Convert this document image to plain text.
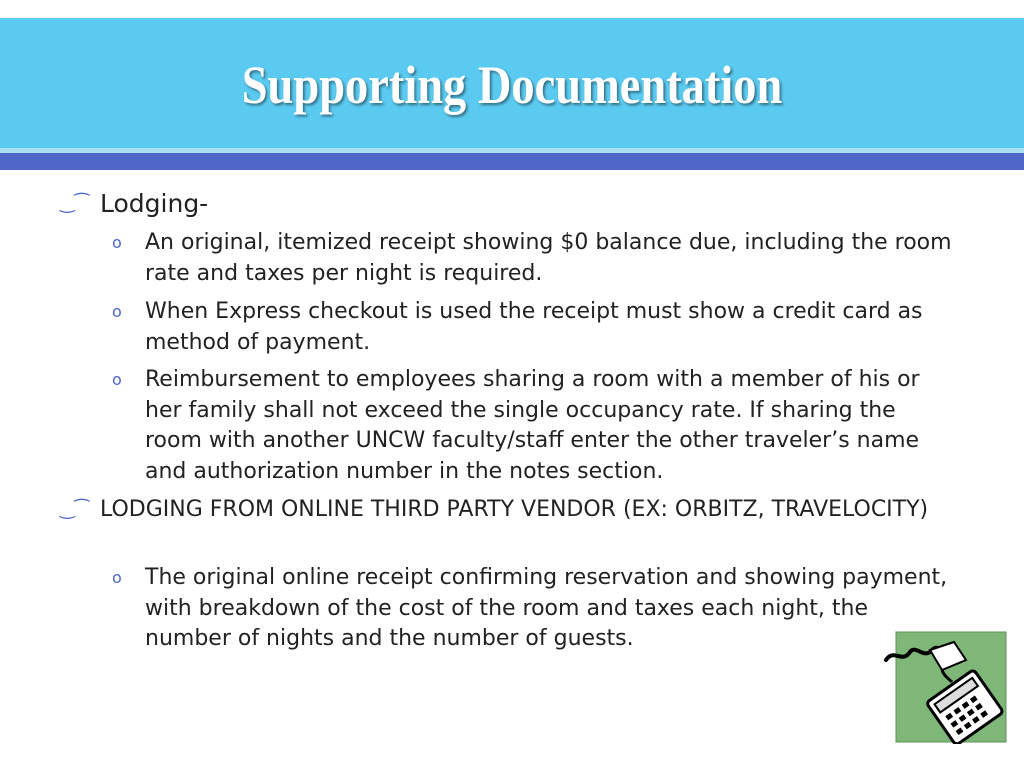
Supporting Documentation
‿⁀ Lodging-
o An original, itemized receipt showing $0 balance due, including the room rate and taxes per night is required.
o When Express checkout is used the receipt must show a credit card as method of payment.
o Reimbursement to employees sharing a room with a member of his or her family shall not exceed the single occupancy rate. If sharing the room with another UNCW faculty/staff enter the other traveler’s name and authorization number in the notes section.
‿⁀ LODGING FROM ONLINE THIRD PARTY VENDOR (EX: ORBITZ, TRAVELOCITY)
o The original online receipt confirming reservation and showing payment, with breakdown of the cost of the room and taxes each night, the number of nights and the number of guests.
